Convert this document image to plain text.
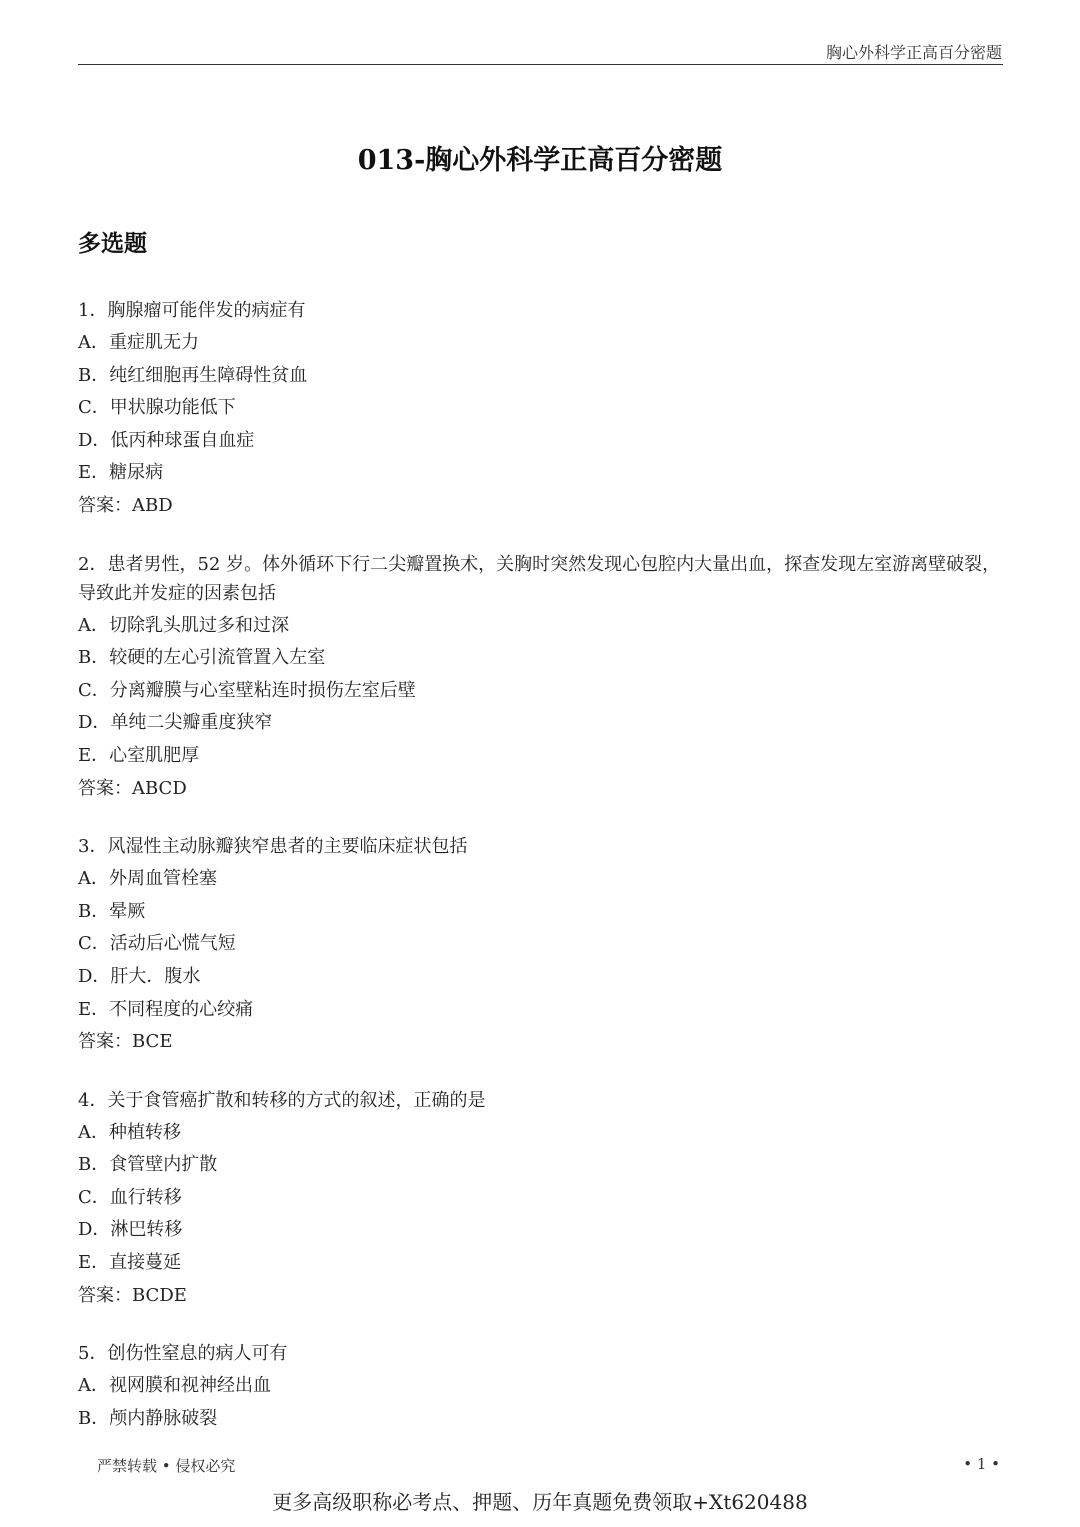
胸心外科学正高百分密题
013-胸心外科学正高百分密题
多选题
1．胸腺瘤可能伴发的病症有
A．重症肌无力
B．纯红细胞再生障碍性贫血
C．甲状腺功能低下
D．低丙种球蛋自血症
E．糖尿病
答案：ABD
2．患者男性，52 岁。体外循环下行二尖瓣置换术，关胸时突然发现心包腔内大量出血，探查发现左室游离壁破裂，导致此并发症的因素包括
A．切除乳头肌过多和过深
B．较硬的左心引流管置入左室
C．分离瓣膜与心室壁粘连时损伤左室后壁
D．单纯二尖瓣重度狭窄
E．心室肌肥厚
答案：ABCD
3．风湿性主动脉瓣狭窄患者的主要临床症状包括
A．外周血管栓塞
B．晕厥
C．活动后心慌气短
D．肝大．腹水
E．不同程度的心绞痛
答案：BCE
4．关于食管癌扩散和转移的方式的叙述，正确的是
A．种植转移
B．食管壁内扩散
C．血行转移
D．淋巴转移
E．直接蔓延
答案：BCDE
5．创伤性窒息的病人可有
A．视网膜和视神经出血
B．颅内静脉破裂
严禁转载 • 侵权必究	• 1 •
更多高级职称必考点、押题、历年真题免费领取+Xt620488
